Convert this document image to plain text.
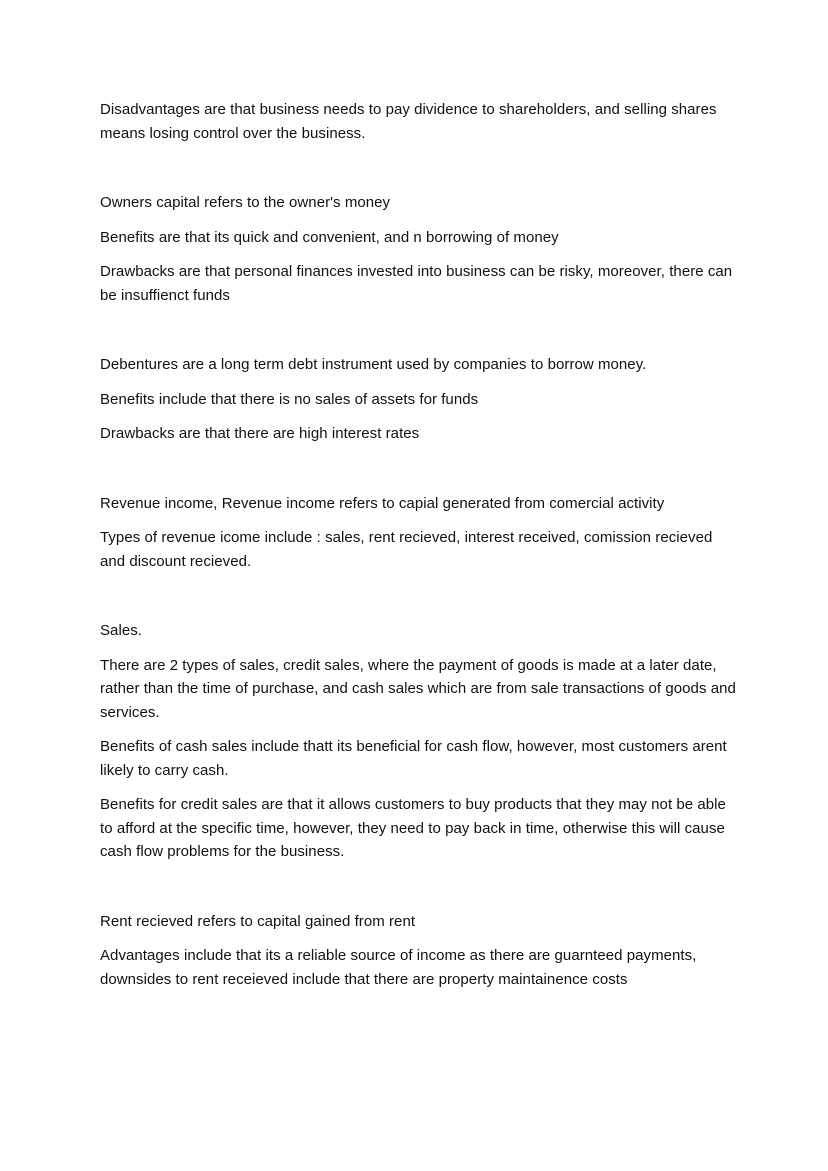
Disadvantages are that business needs to pay dividence to shareholders, and selling shares means losing control over the business.

Owners capital refers to the owner's money

Benefits are that its quick and convenient, and n borrowing of money

Drawbacks are that personal finances invested into business can be risky, moreover, there can be insuffienct funds

Debentures are a long term debt instrument used by companies to borrow money.

Benefits include that there is no sales of assets for funds

Drawbacks are that there are high interest rates

Revenue income, Revenue income refers to capial generated from comercial activity

Types of revenue icome include : sales, rent recieved, interest received, comission recieved and discount recieved.

Sales.

There are 2 types of sales, credit sales, where the payment of goods is made at a later date, rather than the time of purchase, and cash sales which are from sale transactions of goods and services.

Benefits of cash sales include thatt its beneficial for cash flow, however, most customers arent likely to carry cash.

Benefits for credit sales are that it allows customers to buy products that they may not be able to afford at the specific time, however, they need to pay back in time, otherwise this will cause cash flow problems for the business.

Rent recieved refers to capital gained from rent

Advantages include that its a reliable source of income as there are guarnteed payments, downsides to rent receieved include that there are property maintainence costs
